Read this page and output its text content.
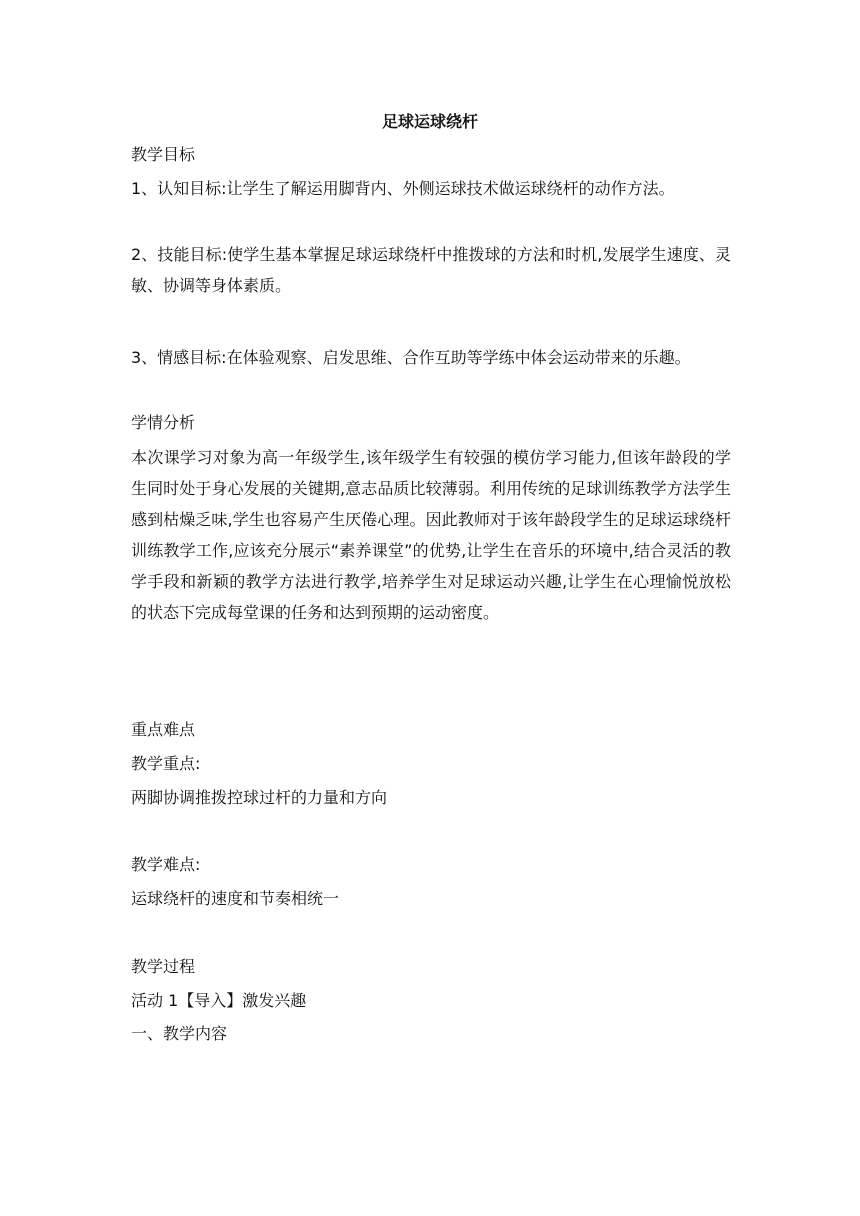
足球运球绕杆
教学目标
1、认知目标:让学生了解运用脚背内、外侧运球技术做运球绕杆的动作方法。
2、技能目标:使学生基本掌握足球运球绕杆中推拨球的方法和时机,发展学生速度、灵敏、协调等身体素质。
3、情感目标:在体验观察、启发思维、合作互助等学练中体会运动带来的乐趣。
学情分析
本次课学习对象为高一年级学生,该年级学生有较强的模仿学习能力,但该年龄段的学生同时处于身心发展的关键期,意志品质比较薄弱。利用传统的足球训练教学方法学生感到枯燥乏味,学生也容易产生厌倦心理。因此教师对于该年龄段学生的足球运球绕杆训练教学工作,应该充分展示“素养课堂”的优势,让学生在音乐的环境中,结合灵活的教学手段和新颖的教学方法进行教学,培养学生对足球运动兴趣,让学生在心理愉悦放松的状态下完成每堂课的任务和达到预期的运动密度。
重点难点
教学重点:
两脚协调推拨控球过杆的力量和方向
教学难点:
运球绕杆的速度和节奏相统一
教学过程
活动 1【导入】激发兴趣
一、教学内容
